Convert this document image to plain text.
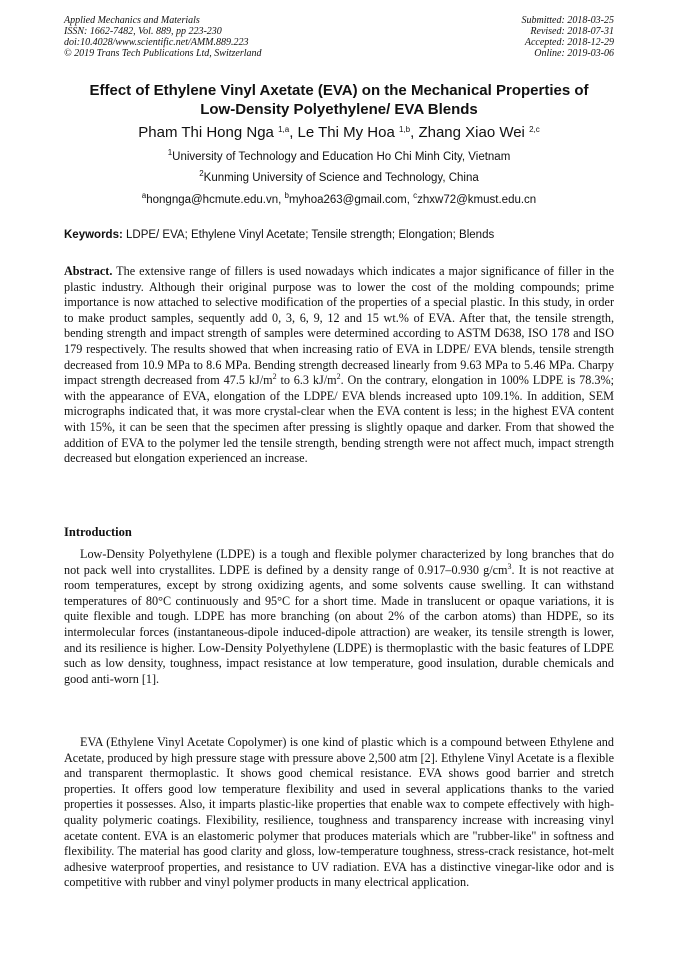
Applied Mechanics and Materials
ISSN: 1662-7482, Vol. 889, pp 223-230
doi:10.4028/www.scientific.net/AMM.889.223
© 2019 Trans Tech Publications Ltd, Switzerland
Submitted: 2018-03-25
Revised: 2018-07-31
Accepted: 2018-12-29
Online: 2019-03-06
Effect of Ethylene Vinyl Axetate (EVA) on the Mechanical Properties of
Low-Density Polyethylene/ EVA Blends
Pham Thi Hong Nga $^{1,a}$, Le Thi My Hoa $^{1,b}$, Zhang Xiao Wei $^{2,c}$
$^1$University of Technology and Education Ho Chi Minh City, Vietnam
$^2$Kunming University of Science and Technology, China
$^a$hongnga@hcmute.edu.vn, $^b$myhoa263@gmail.com, $^c$zhxw72@kmust.edu.cn
Keywords: LDPE/ EVA; Ethylene Vinyl Acetate; Tensile strength; Elongation; Blends
Abstract. The extensive range of fillers is used nowadays which indicates a major significance of filler in the plastic industry. Although their original purpose was to lower the cost of the molding compounds; prime importance is now attached to selective modification of the properties of a special plastic. In this study, in order to make product samples, sequently add 0, 3, 6, 9, 12 and 15 wt.% of EVA. After that, the tensile strength, bending strength and impact strength of samples were determined according to ASTM D638, ISO 178 and ISO 179 respectively. The results showed that when increasing ratio of EVA in LDPE/ EVA blends, tensile strength decreased from 10.9 MPa to 8.6 MPa. Bending strength decreased linearly from 9.63 MPa to 5.46 MPa. Charpy impact strength decreased from 47.5 $kJ/m^2$ to 6.3 $kJ/m^2$. On the contrary, elongation in 100% LDPE is 78.3%; with the appearance of EVA, elongation of the LDPE/ EVA blends increased upto 109.1%. In addition, SEM micrographs indicated that, it was more crystal-clear when the EVA content is less; in the highest EVA content with 15%, it can be seen that the specimen after pressing is slightly opaque and darker. From that showed the addition of EVA to the polymer led the tensile strength, bending strength were not affect much, impact strength decreased but elongation experienced an increase.
Introduction

Low-Density Polyethylene (LDPE) is a tough and flexible polymer characterized by long branches that do not pack well into crystallites. LDPE is defined by a density range of 0.917–0.930 $g/cm^3$. It is not reactive at room temperatures, except by strong oxidizing agents, and some solvents cause swelling. It can withstand temperatures of 80°C continuously and 95°C for a short time. Made in translucent or opaque variations, it is quite flexible and tough. LDPE has more branching (on about 2% of the carbon atoms) than HDPE, so its intermolecular forces (instantaneous-dipole induced-dipole attraction) are weaker, its tensile strength is lower, and its resilience is higher. Low-Density Polyethylene (LDPE) is thermoplastic with the basic features of LDPE such as low density, toughness, impact resistance at low temperature, good insulation, durable chemicals and good anti-worn [1].

EVA (Ethylene Vinyl Acetate Copolymer) is one kind of plastic which is a compound between Ethylene and Acetate, produced by high pressure stage with pressure above 2,500 atm [2]. Ethylene Vinyl Acetate is a flexible and transparent thermoplastic. It shows good chemical resistance. EVA shows good barrier and stretch properties. It offers good low temperature flexibility and used in several applications thanks to the varied properties it possesses. Also, it imparts plastic-like properties that enable wax to compete effectively with high-quality polymeric coatings. Flexibility, resilience, toughness and transparency increase with increasing vinyl acetate content. EVA is an elastomeric polymer that produces materials which are "rubber-like" in softness and flexibility. The material has good clarity and gloss, low-temperature toughness, stress-crack resistance, hot-melt adhesive waterproof properties, and resistance to UV radiation. EVA has a distinctive vinegar-like odor and is competitive with rubber and vinyl polymer products in many electrical application.
